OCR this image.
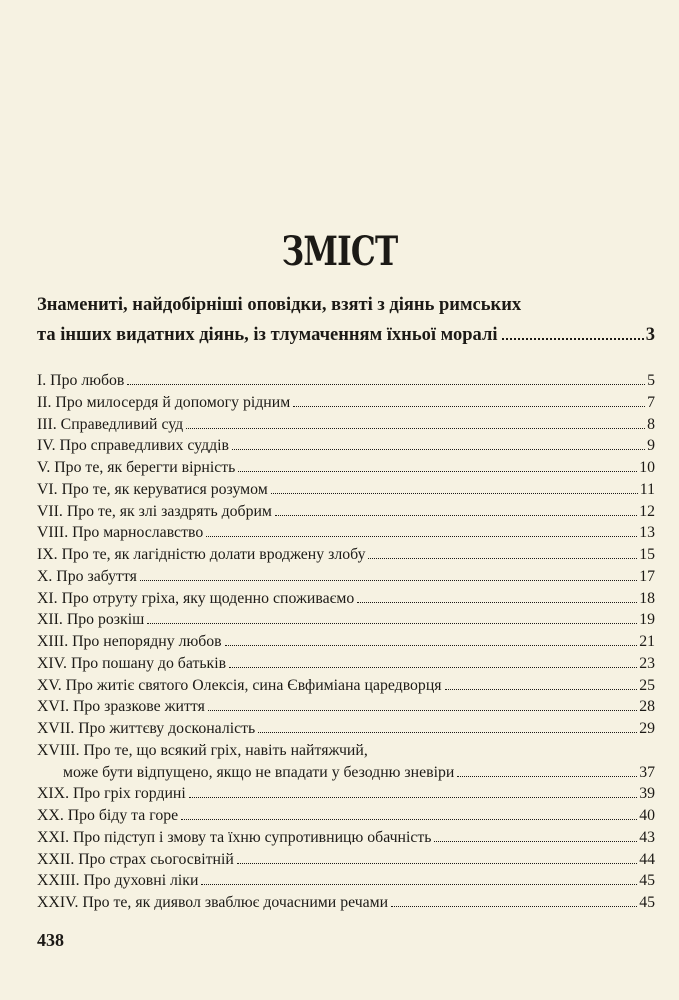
ЗМІСТ
Знамениті, найдобірніші оповідки, взяті з діянь римських
та інших видатних діянь, із тлумаченням їхньої моралі	3
I. Про любов	5
II. Про милосердя й допомогу рідним	7
III. Справедливий суд	8
IV. Про справедливих суддів	9
V. Про те, як берегти вірність	10
VI. Про те, як керуватися розумом	11
VII. Про те, як злі заздрять добрим	12
VIII. Про марнославство	13
IX. Про те, як лагідністю долати вроджену злобу	15
X. Про забуття	17
XI. Про отруту гріха, яку щоденно споживаємо	18
XII. Про розкіш	19
XIII. Про непорядну любов	21
XIV. Про пошану до батьків	23
XV. Про житіє святого Олексія, сина Євфиміана царедворця	25
XVI. Про зразкове життя	28
XVII. Про життєву досконалість	29
XVIII. Про те, що всякий гріх, навіть найтяжчий,
може бути відпущено, якщо не впадати у безодню зневіри	37
XIX. Про гріх гордині	39
XX. Про біду та горе	40
XXI. Про підступ і змову та їхню супротивницю обачність	43
XXII. Про страх сьогосвітній	44
XXIII. Про духовні ліки	45
XXIV. Про те, як диявол зваблює дочасними речами	45
438
